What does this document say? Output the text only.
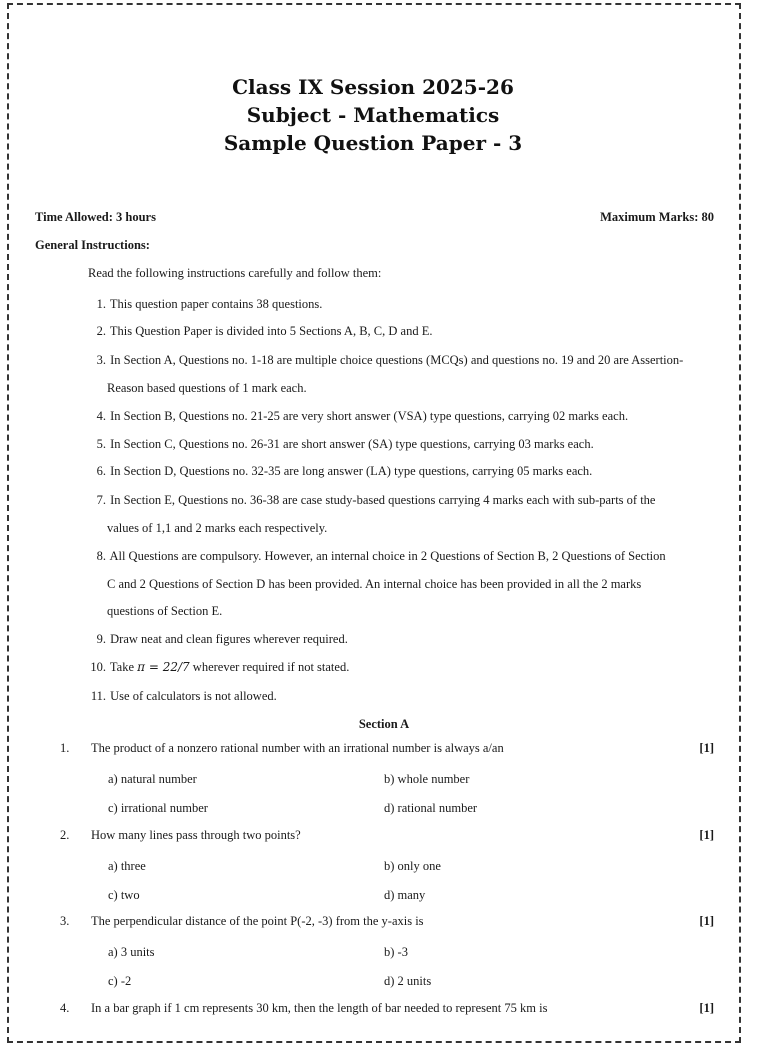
Class IX Session 2025-26
Subject - Mathematics
Sample Question Paper - 3
Time Allowed: 3 hours	Maximum Marks: 80
General Instructions:
Read the following instructions carefully and follow them:
1. This question paper contains 38 questions.
2. This Question Paper is divided into 5 Sections A, B, C, D and E.
3. In Section A, Questions no. 1-18 are multiple choice questions (MCQs) and questions no. 19 and 20 are Assertion-
Reason based questions of 1 mark each.
4. In Section B, Questions no. 21-25 are very short answer (VSA) type questions, carrying 02 marks each.
5. In Section C, Questions no. 26-31 are short answer (SA) type questions, carrying 03 marks each.
6. In Section D, Questions no. 32-35 are long answer (LA) type questions, carrying 05 marks each.
7. In Section E, Questions no. 36-38 are case study-based questions carrying 4 marks each with sub-parts of the
values of 1,1 and 2 marks each respectively.
8. All Questions are compulsory. However, an internal choice in 2 Questions of Section B, 2 Questions of Section
C and 2 Questions of Section D has been provided. An internal choice has been provided in all the 2 marks
questions of Section E.
9. Draw neat and clean figures wherever required.
10. Take π = 22/7 wherever required if not stated.
11. Use of calculators is not allowed.
Section A
1. The product of a nonzero rational number with an irrational number is always a/an	[1]
a) natural number	b) whole number
c) irrational number	d) rational number
2. How many lines pass through two points?	[1]
a) three	b) only one
c) two	d) many
3. The perpendicular distance of the point P(-2, -3) from the y-axis is	[1]
a) 3 units	b) -3
c) -2	d) 2 units
4. In a bar graph if 1 cm represents 30 km, then the length of bar needed to represent 75 km is	[1]
